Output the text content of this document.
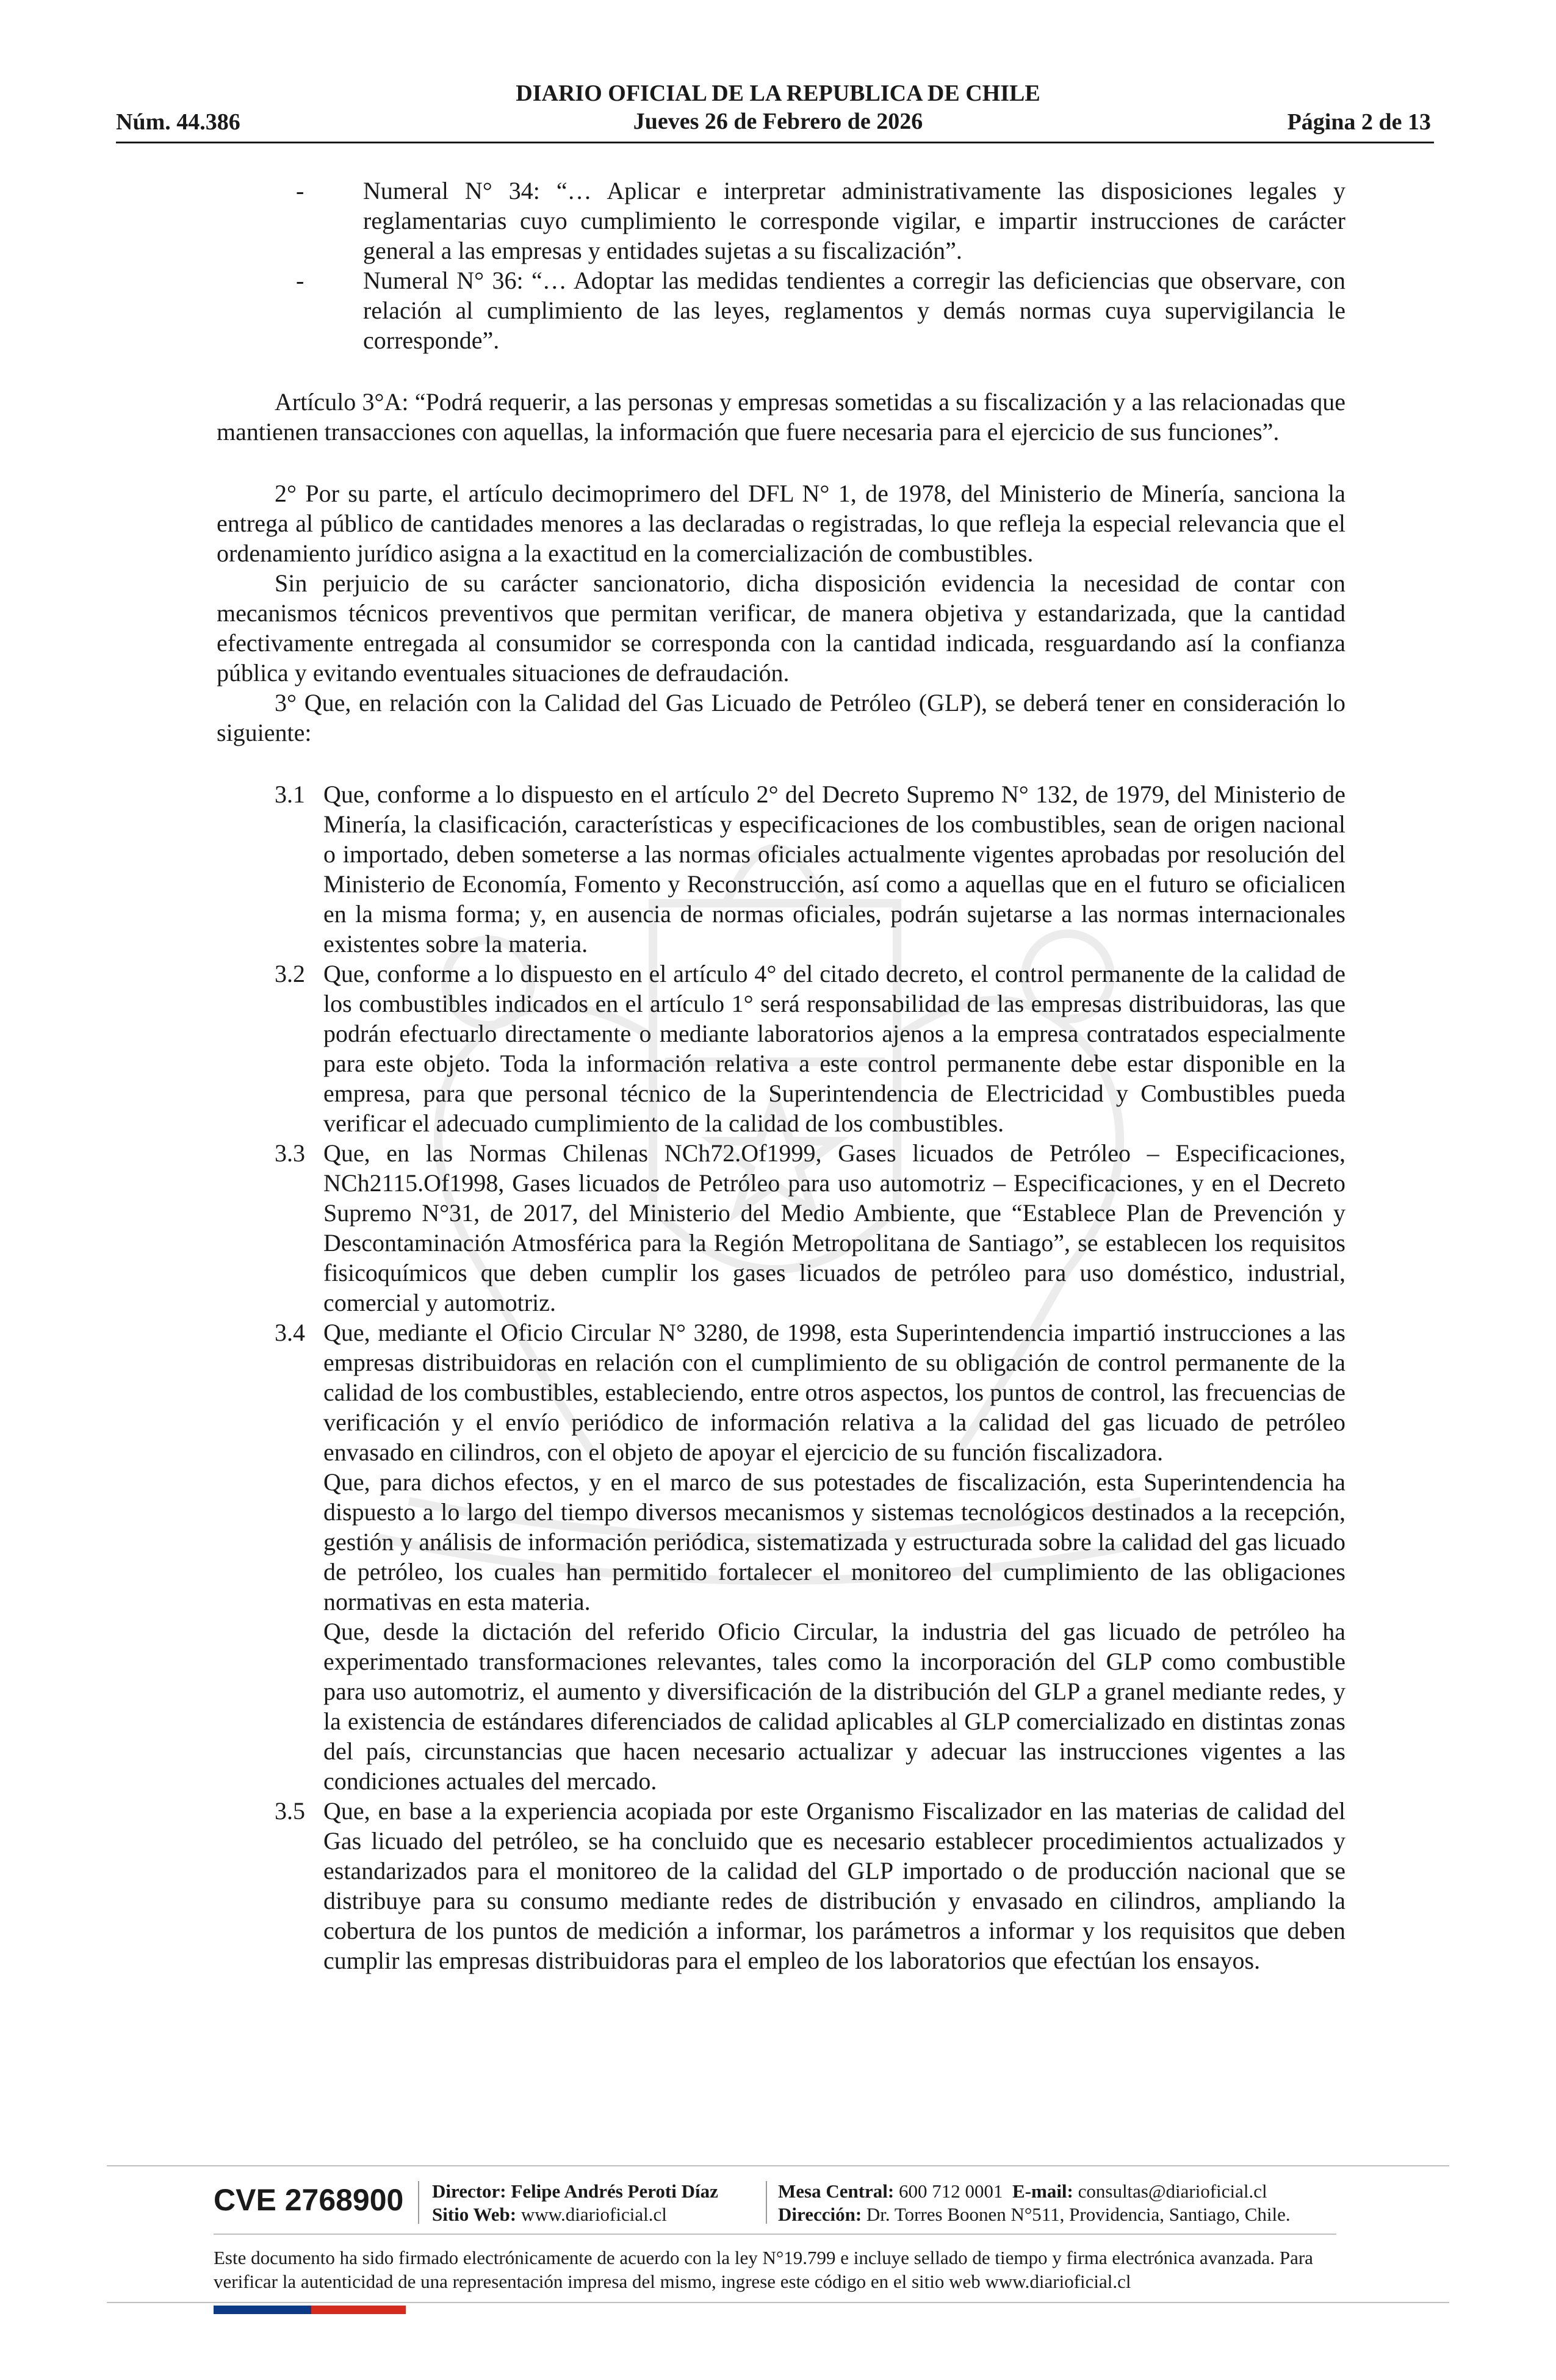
DIARIO OFICIAL DE LA REPUBLICA DE CHILE
Núm. 44.386	Jueves 26 de Febrero de 2026	Página 2 de 13

- Numeral N° 34: “… Aplicar e interpretar administrativamente las disposiciones legales y reglamentarias cuyo cumplimiento le corresponde vigilar, e impartir instrucciones de carácter general a las empresas y entidades sujetas a su fiscalización”.

- Numeral N° 36: “… Adoptar las medidas tendientes a corregir las deficiencias que observare, con relación al cumplimiento de las leyes, reglamentos y demás normas cuya supervigilancia le corresponde”.

Artículo 3°A: “Podrá requerir, a las personas y empresas sometidas a su fiscalización y a las relacionadas que mantienen transacciones con aquellas, la información que fuere necesaria para el ejercicio de sus funciones”.

2° Por su parte, el artículo decimoprimero del DFL N° 1, de 1978, del Ministerio de Minería, sanciona la entrega al público de cantidades menores a las declaradas o registradas, lo que refleja la especial relevancia que el ordenamiento jurídico asigna a la exactitud en la comercialización de combustibles.

Sin perjuicio de su carácter sancionatorio, dicha disposición evidencia la necesidad de contar con mecanismos técnicos preventivos que permitan verificar, de manera objetiva y estandarizada, que la cantidad efectivamente entregada al consumidor se corresponda con la cantidad indicada, resguardando así la confianza pública y evitando eventuales situaciones de defraudación.

3° Que, en relación con la Calidad del Gas Licuado de Petróleo (GLP), se deberá tener en consideración lo siguiente:

3.1 Que, conforme a lo dispuesto en el artículo 2° del Decreto Supremo N° 132, de 1979, del Ministerio de Minería, la clasificación, características y especificaciones de los combustibles, sean de origen nacional o importado, deben someterse a las normas oficiales actualmente vigentes aprobadas por resolución del Ministerio de Economía, Fomento y Reconstrucción, así como a aquellas que en el futuro se oficialicen en la misma forma; y, en ausencia de normas oficiales, podrán sujetarse a las normas internacionales existentes sobre la materia.

3.2 Que, conforme a lo dispuesto en el artículo 4° del citado decreto, el control permanente de la calidad de los combustibles indicados en el artículo 1° será responsabilidad de las empresas distribuidoras, las que podrán efectuarlo directamente o mediante laboratorios ajenos a la empresa contratados especialmente para este objeto. Toda la información relativa a este control permanente debe estar disponible en la empresa, para que personal técnico de la Superintendencia de Electricidad y Combustibles pueda verificar el adecuado cumplimiento de la calidad de los combustibles.

3.3 Que, en las Normas Chilenas NCh72.Of1999, Gases licuados de Petróleo – Especificaciones, NCh2115.Of1998, Gases licuados de Petróleo para uso automotriz – Especificaciones, y en el Decreto Supremo N°31, de 2017, del Ministerio del Medio Ambiente, que “Establece Plan de Prevención y Descontaminación Atmosférica para la Región Metropolitana de Santiago”, se establecen los requisitos fisicoquímicos que deben cumplir los gases licuados de petróleo para uso doméstico, industrial, comercial y automotriz.

3.4 Que, mediante el Oficio Circular N° 3280, de 1998, esta Superintendencia impartió instrucciones a las empresas distribuidoras en relación con el cumplimiento de su obligación de control permanente de la calidad de los combustibles, estableciendo, entre otros aspectos, los puntos de control, las frecuencias de verificación y el envío periódico de información relativa a la calidad del gas licuado de petróleo envasado en cilindros, con el objeto de apoyar el ejercicio de su función fiscalizadora.

Que, para dichos efectos, y en el marco de sus potestades de fiscalización, esta Superintendencia ha dispuesto a lo largo del tiempo diversos mecanismos y sistemas tecnológicos destinados a la recepción, gestión y análisis de información periódica, sistematizada y estructurada sobre la calidad del gas licuado de petróleo, los cuales han permitido fortalecer el monitoreo del cumplimiento de las obligaciones normativas en esta materia.

Que, desde la dictación del referido Oficio Circular, la industria del gas licuado de petróleo ha experimentado transformaciones relevantes, tales como la incorporación del GLP como combustible para uso automotriz, el aumento y diversificación de la distribución del GLP a granel mediante redes, y la existencia de estándares diferenciados de calidad aplicables al GLP comercializado en distintas zonas del país, circunstancias que hacen necesario actualizar y adecuar las instrucciones vigentes a las condiciones actuales del mercado.

3.5 Que, en base a la experiencia acopiada por este Organismo Fiscalizador en las materias de calidad del Gas licuado del petróleo, se ha concluido que es necesario establecer procedimientos actualizados y estandarizados para el monitoreo de la calidad del GLP importado o de producción nacional que se distribuye para su consumo mediante redes de distribución y envasado en cilindros, ampliando la cobertura de los puntos de medición a informar, los parámetros a informar y los requisitos que deben cumplir las empresas distribuidoras para el empleo de los laboratorios que efectúan los ensayos.

CVE 2768900 Director: Felipe Andrés Peroti Díaz
Sitio Web: www.diarioficial.cl
Mesa Central: 600 712 0001 E-mail: consultas@diarioficial.cl
Dirección: Dr. Torres Boonen N°511, Providencia, Santiago, Chile.
Este documento ha sido firmado electrónicamente de acuerdo con la ley N°19.799 e incluye sellado de tiempo y firma electrónica avanzada. Para verificar la autenticidad de una representación impresa del mismo, ingrese este código en el sitio web www.diarioficial.cl
